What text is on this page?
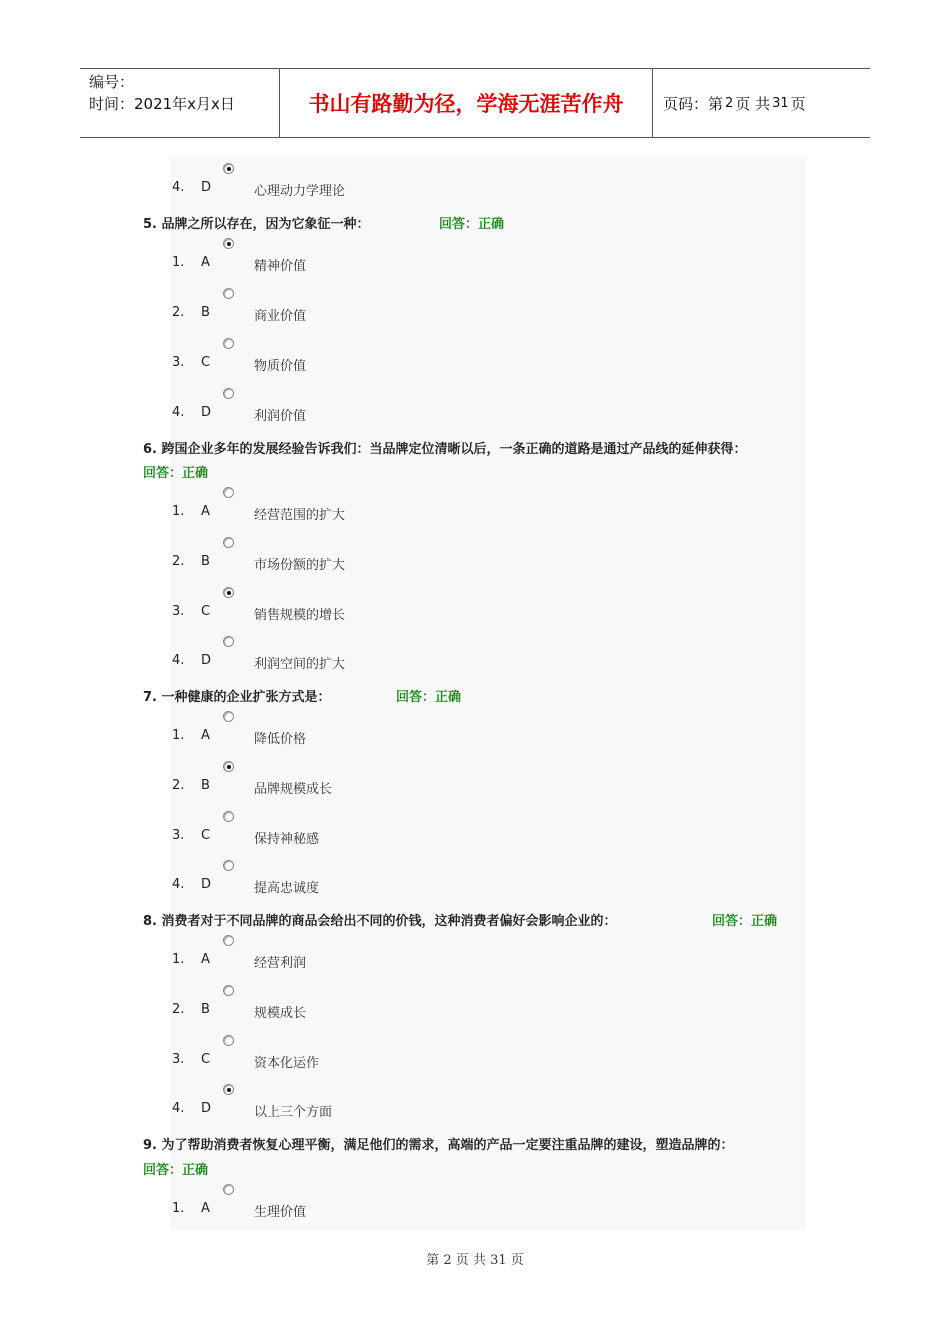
编号：
时间：2021年x月x日	书山有路勤为径，学海无涯苦作舟	页码：第 2 页 共 31 页
4. D	心理动力学理论
5. 品牌之所以存在，因为它象征一种：	回答：正确
1. A	精神价值
2. B	商业价值
3. C	物质价值
4. D	利润价值
6. 跨国企业多年的发展经验告诉我们：当品牌定位清晰以后，一条正确的道路是通过产品线的延伸获得：
回答：正确
1. A	经营范围的扩大
2. B	市场份额的扩大
3. C	销售规模的增长
4. D	利润空间的扩大
7. 一种健康的企业扩张方式是：	回答：正确
1. A	降低价格
2. B	品牌规模成长
3. C	保持神秘感
4. D	提高忠诚度
8. 消费者对于不同品牌的商品会给出不同的价钱，这种消费者偏好会影响企业的：	回答：正确
1. A	经营利润
2. B	规模成长
3. C	资本化运作
4. D	以上三个方面
9. 为了帮助消费者恢复心理平衡，满足他们的需求，高端的产品一定要注重品牌的建设，塑造品牌的：
回答：正确
1. A	生理价值
第 2 页 共 31 页
